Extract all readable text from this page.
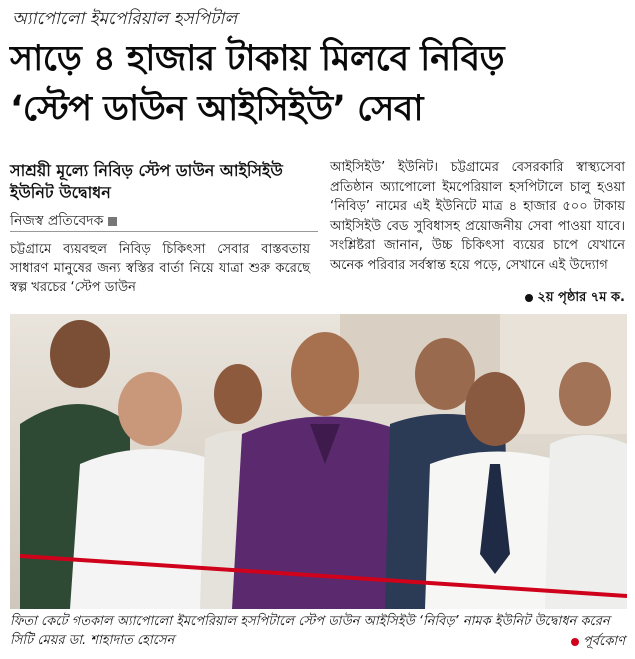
অ্যাপোলো ইমপেরিয়াল হসপিটাল
সাড়ে ৪ হাজার টাকায় মিলবে নিবিড়
‘স্টেপ ডাউন আইসিইউ’ সেবা
সাশ্রয়ী মূল্যে নিবিড় স্টেপ ডাউন আইসিইউ ইউনিট উদ্বোধন
নিজস্ব প্রতিবেদক
চট্টগ্রামে ব্যয়বহুল নিবিড় চিকিৎসা সেবার বাস্তবতায় সাধারণ মানুষের জন্য স্বস্তির বার্তা নিয়ে যাত্রা শুরু করেছে স্বল্প খরচের ‘স্টেপ ডাউন
আইসিইউ’ ইউনিট। চট্টগ্রামের বেসরকারি স্বাস্থ্যসেবা প্রতিষ্ঠান অ্যাপোলো ইমপেরিয়াল হসপিটালে চালু হওয়া ‘নিবিড়’ নামের এই ইউনিটে মাত্র ৪ হাজার ৫০০ টাকায় আইসিইউ বেড সুবিধাসহ প্রয়োজনীয় সেবা পাওয়া যাবে। সংশ্লিষ্টরা জানান, উচ্চ চিকিৎসা ব্যয়ের চাপে যেখানে অনেক পরিবার সর্বস্বান্ত হয়ে পড়ে, সেখানে এই উদ্যোগ
২য় পৃষ্ঠার ৭ম ক.
ফিতা কেটে গতকাল অ্যাপোলো ইমপেরিয়াল হসপিটালে স্টেপ ডাউন আইসিইউ ‘নিবিড়’ নামক ইউনিট উদ্বোধন করেন সিটি মেয়র ডা. শাহাদাত হোসেন	পূর্বকোণ
